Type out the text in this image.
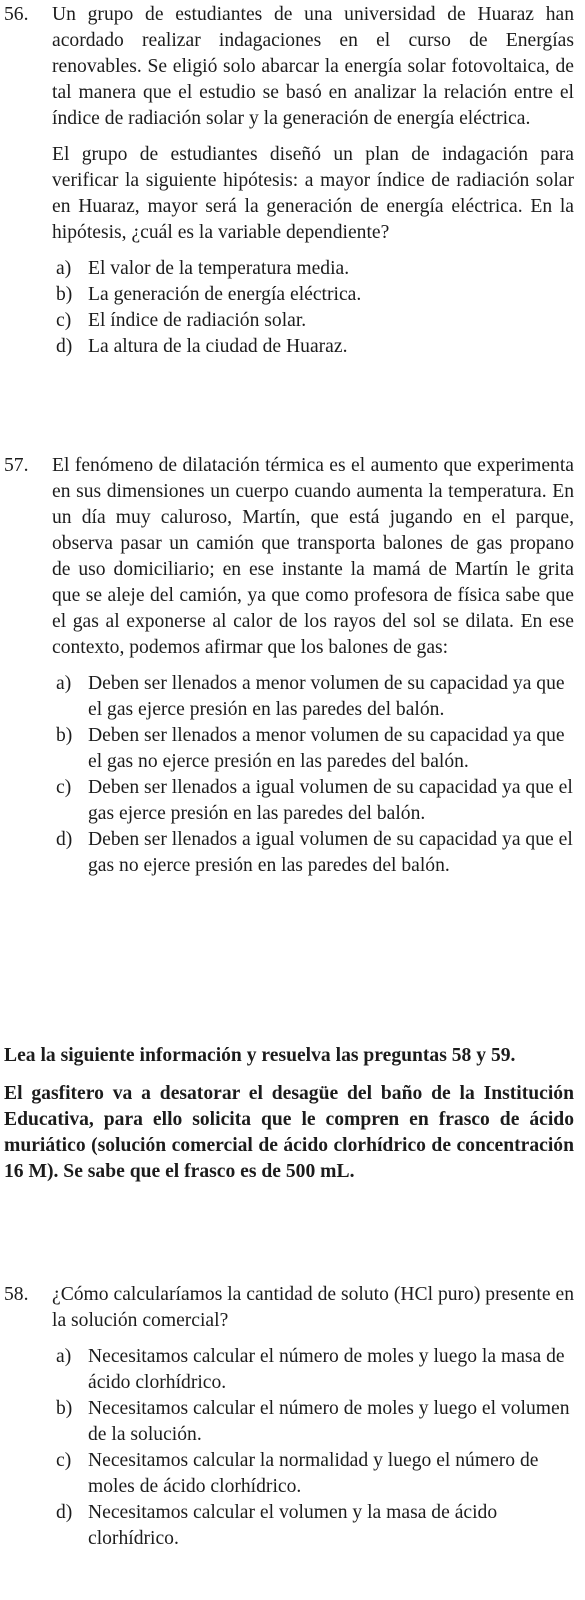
56. Un grupo de estudiantes de una universidad de Huaraz han acordado realizar indagaciones en el curso de Energías renovables. Se eligió solo abarcar la energía solar fotovoltaica, de tal manera que el estudio se basó en analizar la relación entre el índice de radiación solar y la generación de energía eléctrica.

El grupo de estudiantes diseñó un plan de indagación para verificar la siguiente hipótesis: a mayor índice de radiación solar en Huaraz, mayor será la generación de energía eléctrica. En la hipótesis, ¿cuál es la variable dependiente?

a) El valor de la temperatura media.
b) La generación de energía eléctrica.
c) El índice de radiación solar.
d) La altura de la ciudad de Huaraz.
57. El fenómeno de dilatación térmica es el aumento que experimenta en sus dimensiones un cuerpo cuando aumenta la temperatura. En un día muy caluroso, Martín, que está jugando en el parque, observa pasar un camión que transporta balones de gas propano de uso domiciliario; en ese instante la mamá de Martín le grita que se aleje del camión, ya que como profesora de física sabe que el gas al exponerse al calor de los rayos del sol se dilata. En ese contexto, podemos afirmar que los balones de gas:

a) Deben ser llenados a menor volumen de su capacidad ya que el gas ejerce presión en las paredes del balón.
b) Deben ser llenados a menor volumen de su capacidad ya que el gas no ejerce presión en las paredes del balón.
c) Deben ser llenados a igual volumen de su capacidad ya que el gas ejerce presión en las paredes del balón.
d) Deben ser llenados a igual volumen de su capacidad ya que el gas no ejerce presión en las paredes del balón.

Lea la siguiente información y resuelva las preguntas 58 y 59.

El gasfitero va a desatorar el desagüe del baño de la Institución Educativa, para ello solicita que le compren en frasco de ácido muriático (solución comercial de ácido clorhídrico de concentración 16 M). Se sabe que el frasco es de 500 mL.

58. ¿Cómo calcularíamos la cantidad de soluto (HCl puro) presente en la solución comercial?

a) Necesitamos calcular el número de moles y luego la masa de ácido clorhídrico.
b) Necesitamos calcular el número de moles y luego el volumen de la solución.
c) Necesitamos calcular la normalidad y luego el número de moles de ácido clorhídrico.
d) Necesitamos calcular el volumen y la masa de ácido clorhídrico.
